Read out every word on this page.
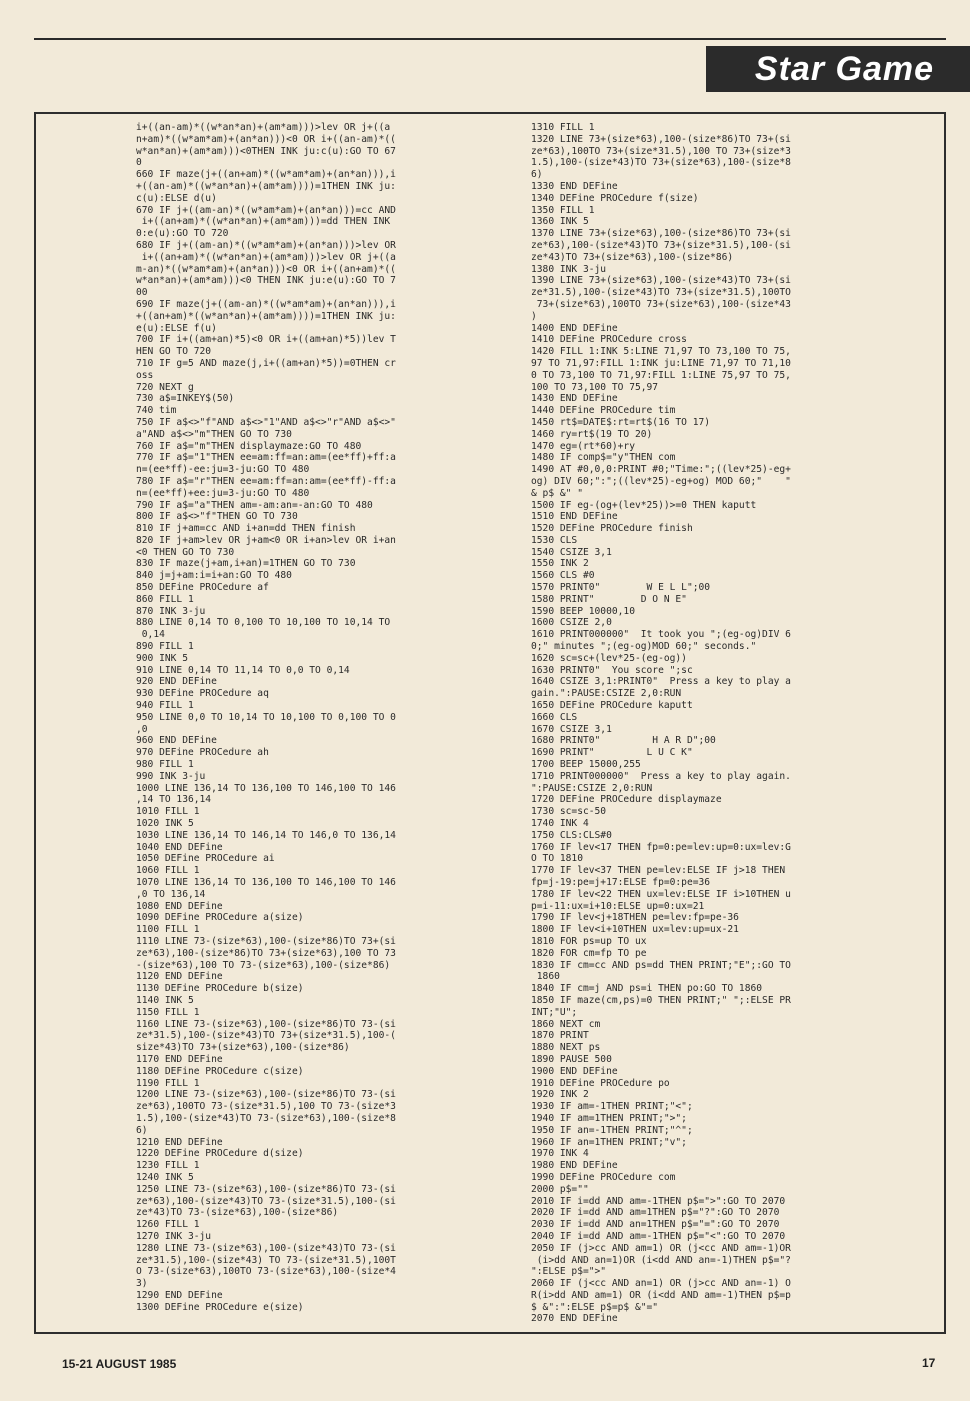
Star Game
i+((an-am)*((w*an*an)+(am*am)))>lev OR j+((a
n+am)*((w*am*am)+(an*an)))<0 OR i+((an-am)*((
w*an*an)+(am*am)))<0THEN INK ju:c(u):GO TO 67
0
660 IF maze(j+((an+am)*((w*am*am)+(an*an))),i
+((an-am)*((w*an*an)+(am*am))))=1THEN INK ju:
c(u):ELSE d(u)
670 IF j+((am-an)*((w*am*am)+(an*an)))=cc AND
i+((an+am)*((w*an*an)+(am*am)))=dd THEN INK
0:e(u):GO TO 720
680 IF j+((am-an)*((w*am*am)+(an*an)))>lev OR
i+((an+am)*((w*an*an)+(am*am)))>lev OR j+((a
m-an)*((w*am*am)+(an*an)))<0 OR i+((an+am)*((
w*an*an)+(am*am)))<0 THEN INK ju:e(u):GO TO 7
00
690 IF maze(j+((am-an)*((w*am*am)+(an*an))),i
+((an+am)*((w*an*an)+(am*am))))=1THEN INK ju:
e(u):ELSE f(u)
700 IF i+((am+an)*5)<0 OR i+((am+an)*5))lev T
HEN GO TO 720
710 IF g=5 AND maze(j,i+((am+an)*5))=0THEN cr
oss
720 NEXT g
730 a$=INKEY$(50)
740 tim
750 IF a$<>"f"AND a$<>"1"AND a$<>"r"AND a$<>"
a"AND a$<>"m"THEN GO TO 730
760 IF a$="m"THEN displaymaze:GO TO 480
770 IF a$="1"THEN ee=am:ff=an:am=(ee*ff)+ff:a
n=(ee*ff)-ee:ju=3-ju:GO TO 480
780 IF a$="r"THEN ee=am:ff=an:am=(ee*ff)-ff:a
n=(ee*ff)+ee:ju=3-ju:GO TO 480
790 IF a$="a"THEN am=-am:an=-an:GO TO 480
800 IF a$<>"f"THEN GO TO 730
810 IF j+am=cc AND i+an=dd THEN finish
820 IF j+am>lev OR j+am<0 OR i+an>lev OR i+an
<0 THEN GO TO 730
830 IF maze(j+am,i+an)=1THEN GO TO 730
840 j=j+am:i=i+an:GO TO 480
850 DEFine PROCedure af
860 FILL 1
870 INK 3-ju
880 LINE 0,14 TO 0,100 TO 10,100 TO 10,14 TO
0,14
890 FILL 1
900 INK 5
910 LINE 0,14 TO 11,14 TO 0,0 TO 0,14
920 END DEFine
930 DEFine PROCedure aq
940 FILL 1
950 LINE 0,0 TO 10,14 TO 10,100 TO 0,100 TO 0
,0
960 END DEFine
970 DEFine PROCedure ah
980 FILL 1
990 INK 3-ju
1000 LINE 136,14 TO 136,100 TO 146,100 TO 146
,14 TO 136,14
1010 FILL 1
1020 INK 5
1030 LINE 136,14 TO 146,14 TO 146,0 TO 136,14
1040 END DEFine
1050 DEFine PROCedure ai
1060 FILL 1
1070 LINE 136,14 TO 136,100 TO 146,100 TO 146
,0 TO 136,14
1080 END DEFine
1090 DEFine PROCedure a(size)
1100 FILL 1
1110 LINE 73-(size*63),100-(size*86)TO 73+(si
ze*63),100-(size*86)TO 73+(size*63),100 TO 73
-(size*63),100 TO 73-(size*63),100-(size*86)
1120 END DEFine
1130 DEFine PROCedure b(size)
1140 INK 5
1150 FILL 1
1160 LINE 73-(size*63),100-(size*86)TO 73-(si
ze*31.5),100-(size*43)TO 73+(size*31.5),100-(
size*43)TO 73+(size*63),100-(size*86)
1170 END DEFine
1180 DEFine PROCedure c(size)
1190 FILL 1
1200 LINE 73-(size*63),100-(size*86)TO 73-(si
ze*63),100TO 73-(size*31.5),100 TO 73-(size*3
1.5),100-(size*43)TO 73-(size*63),100-(size*8
6)
1210 END DEFine
1220 DEFine PROCedure d(size)
1230 FILL 1
1240 INK 5
1250 LINE 73-(size*63),100-(size*86)TO 73-(si
ze*63),100-(size*43)TO 73-(size*31.5),100-(si
ze*43)TO 73-(size*63),100-(size*86)
1260 FILL 1
1270 INK 3-ju
1280 LINE 73-(size*63),100-(size*43)TO 73-(si
ze*31.5),100-(size*43) TO 73-(size*31.5),100T
O 73-(size*63),100TO 73-(size*63),100-(size*4
3)
1290 END DEFine
1300 DEFine PROCedure e(size)
1310 FILL 1
1320 LINE 73+(size*63),100-(size*86)TO 73+(si
ze*63),100TO 73+(size*31.5),100 TO 73+(size*3
1.5),100-(size*43)TO 73+(size*63),100-(size*8
6)
1330 END DEFine
1340 DEFine PROCedure f(size)
1350 FILL 1
1360 INK 5
1370 LINE 73+(size*63),100-(size*86)TO 73+(si
ze*63),100-(size*43)TO 73+(size*31.5),100-(si
ze*43)TO 73+(size*63),100-(size*86)
1380 INK 3-ju
1390 LINE 73+(size*63),100-(size*43)TO 73+(si
ze*31.5),100-(size*43)TO 73+(size*31.5),100TO
73+(size*63),100TO 73+(size*63),100-(size*43
)
1400 END DEFine
1410 DEFine PROCedure cross
1420 FILL 1:INK 5:LINE 71,97 TO 73,100 TO 75,
97 TO 71,97:FILL 1:INK ju:LINE 71,97 TO 71,10
0 TO 73,100 TO 71,97:FILL 1:LINE 75,97 TO 75,
100 TO 73,100 TO 75,97
1430 END DEFine
1440 DEFine PROCedure tim
1450 rt$=DATE$:rt=rt$(16 TO 17)
1460 ry=rt$(19 TO 20)
1470 eg=(rt*60)+ry
1480 IF comp$="y"THEN com
1490 AT #0,0,0:PRINT #0;"Time:";((lev*25)-eg+
og) DIV 60;":";((lev*25)-eg+og) MOD 60;"    "
& p$ &" "
1500 IF eg-(og+(lev*25))>=0 THEN kaputt
1510 END DEFine
1520 DEFine PROCedure finish
1530 CLS
1540 CSIZE 3,1
1550 INK 2
1560 CLS #0
1570 PRINT0"        W E L L";00
1580 PRINT"        D O N E"
1590 BEEP 10000,10
1600 CSIZE 2,0
1610 PRINT000000"  It took you ";(eg-og)DIV 6
0;" minutes ";(eg-og)MOD 60;" seconds."
1620 sc=sc+(lev*25-(eg-og))
1630 PRINT0"  You score ";sc
1640 CSIZE 3,1:PRINT0"  Press a key to play a
gain.":PAUSE:CSIZE 2,0:RUN
1650 DEFine PROCedure kaputt
1660 CLS
1670 CSIZE 3,1
1680 PRINT0"         H A R D";00
1690 PRINT"         L U C K"
1700 BEEP 15000,255
1710 PRINT000000"  Press a key to play again.
":PAUSE:CSIZE 2,0:RUN
1720 DEFine PROCedure displaymaze
1730 sc=sc-50
1740 INK 4
1750 CLS:CLS#0
1760 IF lev<17 THEN fp=0:pe=lev:up=0:ux=lev:G
O TO 1810
1770 IF lev<37 THEN pe=lev:ELSE IF j>18 THEN
fp=j-19:pe=j+17:ELSE fp=0:pe=36
1780 IF lev<22 THEN ux=lev:ELSE IF i>10THEN u
p=i-11:ux=i+10:ELSE up=0:ux=21
1790 IF lev<j+18THEN pe=lev:fp=pe-36
1800 IF lev<i+10THEN ux=lev:up=ux-21
1810 FOR ps=up TO ux
1820 FOR cm=fp TO pe
1830 IF cm=cc AND ps=dd THEN PRINT;"E";:GO TO
1860
1840 IF cm=j AND ps=i THEN po:GO TO 1860
1850 IF maze(cm,ps)=0 THEN PRINT;" ";:ELSE PR
INT;"U";
1860 NEXT cm
1870 PRINT
1880 NEXT ps
1890 PAUSE 500
1900 END DEFine
1910 DEFine PROCedure po
1920 INK 2
1930 IF am=-1THEN PRINT;"<";
1940 IF am=1THEN PRINT;">";
1950 IF an=-1THEN PRINT;"^";
1960 IF an=1THEN PRINT;"v";
1970 INK 4
1980 END DEFine
1990 DEFine PROCedure com
2000 p$=""
2010 IF i=dd AND am=-1THEN p$=">":GO TO 2070
2020 IF i=dd AND am=1THEN p$="?":GO TO 2070
2030 IF i=dd AND an=1THEN p$="=":GO TO 2070
2040 IF i=dd AND am=-1THEN p$="<":GO TO 2070
2050 IF (j>cc AND am=1) OR (j<cc AND am=-1)OR
(i>dd AND an=1)OR (i<dd AND an=-1)THEN p$="?
":ELSE p$=">"
2060 IF (j<cc AND an=1) OR (j>cc AND an=-1) O
R(i>dd AND am=1) OR (i<dd AND am=-1)THEN p$=p
$ &":":ELSE p$=p$ &"="
2070 END DEFine
15-21 AUGUST 1985	17
